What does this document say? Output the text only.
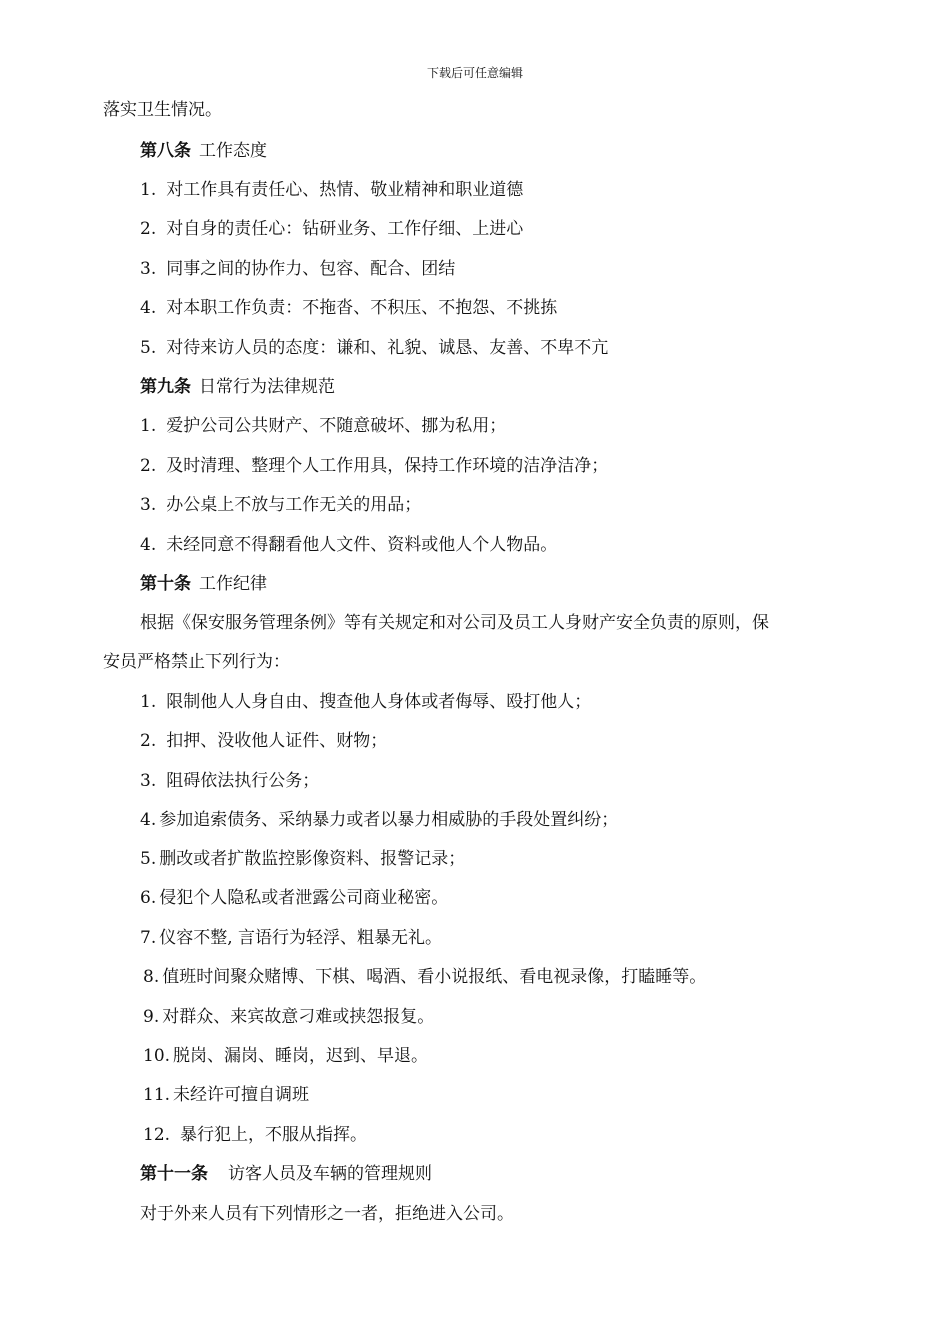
下载后可任意编辑
落实卫生情况。
第八条 工作态度
1. 对工作具有责任心、热情、敬业精神和职业道德
2. 对自身的责任心：钻研业务、工作仔细、上进心
3. 同事之间的协作力、包容、配合、团结
4. 对本职工作负责：不拖沓、不积压、不抱怨、不挑拣
5. 对待来访人员的态度：谦和、礼貌、诚恳、友善、不卑不亢
第九条 日常行为法律规范
1. 爱护公司公共财产、不随意破坏、挪为私用；
2. 及时清理、整理个人工作用具，保持工作环境的洁净洁净；
3. 办公桌上不放与工作无关的用品；
4. 未经同意不得翻看他人文件、资料或他人个人物品。
第十条 工作纪律
根据《保安服务管理条例》等有关规定和对公司及员工人身财产安全负责的原则，保
安员严格禁止下列行为：
1. 限制他人人身自由、搜查他人身体或者侮辱、殴打他人；
2. 扣押、没收他人证件、财物；
3. 阻碍依法执行公务；
4. 参加追索债务、采纳暴力或者以暴力相威胁的手段处置纠纷；
5. 删改或者扩散监控影像资料、报警记录；
6. 侵犯个人隐私或者泄露公司商业秘密。
7. 仪容不整, 言语行为轻浮、粗暴无礼。
8. 值班时间聚众赌博、下棋、喝酒、看小说报纸、看电视录像，打瞌睡等。
9. 对群众、来宾故意刁难或挟怨报复。
10. 脱岗、漏岗、睡岗，迟到、早退。
11. 未经许可擅自调班
12. 暴行犯上，不服从指挥。
第十一条 访客人员及车辆的管理规则
对于外来人员有下列情形之一者，拒绝进入公司。
